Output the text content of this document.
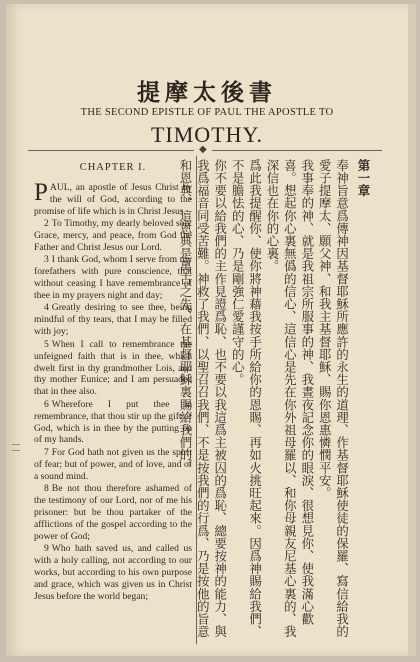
提摩太後書
THE SECOND EPISTLE OF PAUL THE APOSTLE TO
TIMOTHY.
◆
CHAPTER I.
PAUL, an apostle of Jesus Christ by the will of God, according to the promise of life which is in Christ Jesus,
2 To Timothy, my dearly beloved son: Grace, mercy, and peace, from God the Father and Christ Jesus our Lord.
3 I thank God, whom I serve from my forefathers with pure conscience, that without ceasing I have remembrance of thee in my prayers night and day;
4 Greatly desiring to see thee, being mindful of thy tears, that I may be filled with joy;
5 When I call to remembrance the unfeigned faith that is in thee, which dwelt first in thy grandmother Lois, and thy mother Eunice; and I am persuaded that in thee also.
6 Wherefore I put thee in remembrance, that thou stir up the gift of God, which is in thee by the putting on of my hands.
7 For God hath not given us the spirit of fear; but of power, and of love, and of a sound mind.
8 Be not thou therefore ashamed of the testimony of our Lord, nor of me his prisoner: but be thou partaker of the afflictions of the gospel according to the power of God;
9 Who hath saved us, and called us with a holy calling, not according to our works, but according to his own purpose and grace, which was given us in Christ Jesus before the world began;
第一章
奉神旨意爲傳神因基督耶穌所應許的永生的道理、作基督耶穌使徒的保羅、寫信給我的愛子提摩太、願父神、和我主基督耶穌、賜你恩惠憐憫平安。
我事奉的神、就是我祖宗所服事的神、我晝夜記念你的眼淚、很想見你、使我滿心歡喜。想起你心裏無僞的信心、這信心是先在你外祖母羅以、和你母親友尼基心裏的、我深信也在你的心裏。
爲此我提醒你、使你將神藉我按手所給你的恩賜、再如火挑旺起來。因爲神賜給我們、不是膽怯的心、乃是剛強仁愛謹守的心。
你不要以給我們的主作見證爲恥、也不要以我這爲主被囚的爲恥、總要按神的能力、與我爲福音同受苦難。神救了我們、以聖召召我們、不是按我們的行爲、乃是按他的旨意和恩典、這恩典是萬古之先、在基督耶穌裏賜給我們的。
